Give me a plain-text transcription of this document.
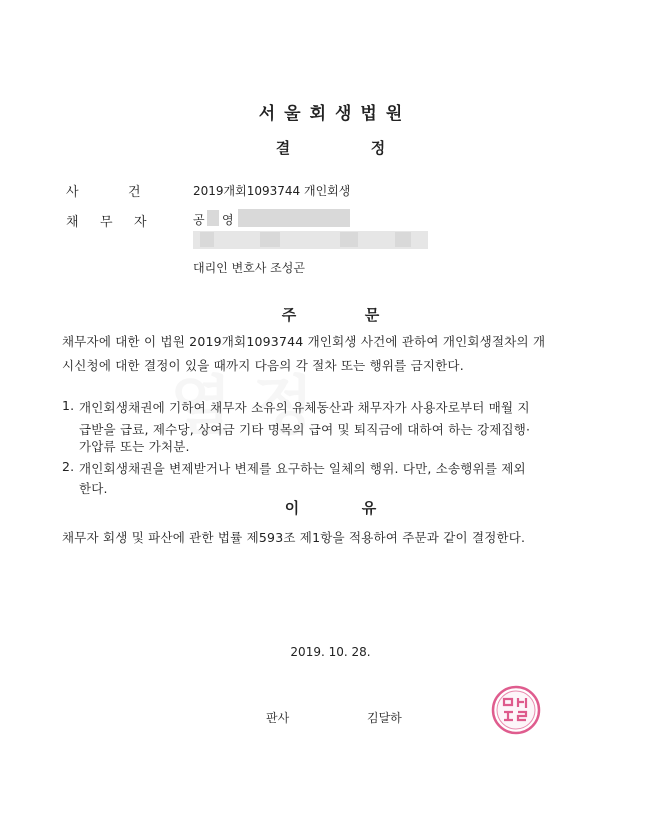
서울회생법원
결	정
사	건	2019개회1093744 개인회생
채 무 자	공 영
대리인 변호사 조성곤
주	문
채무자에 대한 이 법원 2019개회1093744 개인회생 사건에 관하여 개인회생절차의 개
시신청에 대한 결정이 있을 때까지 다음의 각 절차 또는 행위를 금지한다.
1. 개인회생채권에 기하여 채무자 소유의 유체동산과 채무자가 사용자로부터 매월 지
급받을 급료, 제수당, 상여금 기타 명목의 급여 및 퇴직금에 대하여 하는 강제집행·
가압류 또는 가처분.
2. 개인회생채권을 변제받거나 변제를 요구하는 일체의 행위. 다만, 소송행위를 제외
한다.
이	유
채무자 회생 및 파산에 관한 법률 제593조 제1항을 적용하여 주문과 같이 결정한다.
2019. 10. 28.
판사	김달하
